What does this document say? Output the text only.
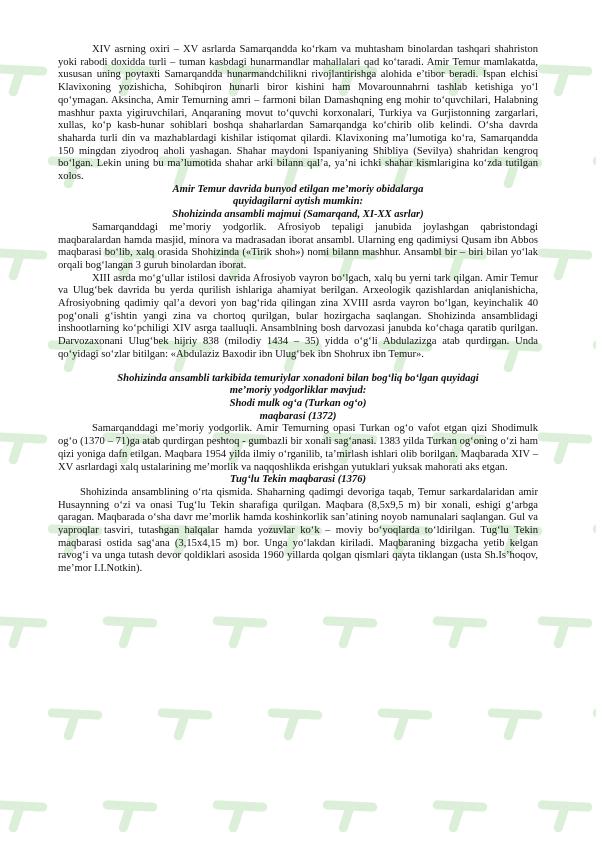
XIV asrning oxiri – XV asrlarda Samarqandda ko‘rkam va muhtasham binolardan tashqari shahriston yoki rabodi doxidda turli – tuman kasbdagi hunarmandlar mahallalari qad ko‘taradi. Amir Temur mamlakatda, xususan uning poytaxti Samarqandda hunarmandchilikni rivojlantirishga alohida e’tibor beradi. Ispan elchisi Klavixoning yozishicha, Sohibqiron hunarli biror kishini ham Movarounnahrni tashlab ketishiga yo‘l qo‘ymagan. Aksincha, Amir Temurning amri – farmoni bilan Damashqning eng mohir to‘quvchilari, Halabning mashhur paxta yigiruvchilari, Anqaraning movut to‘quvchi korxonalari, Turkiya va Gurjistonning zargarlari, xullas, ko‘p kasb-hunar sohiblari boshqa shaharlardan Samarqandga ko‘chirib olib kelindi. O‘sha davrda shaharda turli din va mazhablardagi kishilar istiqomat qilardi. Klavixoning ma’lumotiga ko‘ra, Samarqandda 150 mingdan ziyodroq aholi yashagan. Shahar maydoni Ispaniyaning Shibliya (Sevilya) shahridan kengroq bo‘lgan. Lekin uning bu ma’lumotida shahar arki bilann qal’a, ya’ni ichki shahar kismlarigina ko‘zda tutilgan xolos.

Amir Temur davrida bunyod etilgan me’moriy obidalarga

quyidagilarni aytish mumkin:

Shohizinda ansambli majmui (Samarqand, XI-XX asrlar)

Samarqanddagi me’moriy yodgorlik. Afrosiyob tepaligi janubida joylashgan qabristondagi maqbaralardan hamda masjid, minora va madrasadan iborat ansambl. Ularning eng qadimiysi Qusam ibn Abbos maqbarasi bo‘lib, xalq orasida Shohizinda («Tirik shoh») nomi bilann mashhur. Ansambl bir – biri bilan yo‘lak orqali bog‘langan 3 guruh binolardan iborat.

XIII asrda mo‘g‘ullar istilosi davrida Afrosiyob vayron bo‘lgach, xalq bu yerni tark qilgan. Amir Temur va Ulug‘bek davrida bu yerda qurilish ishlariga ahamiyat berilgan. Arxeologik qazishlardan aniqlanishicha, Afrosiyobning qadimiy qal’a devori yon bag‘rida qilingan zina XVIII asrda vayron bo‘lgan, keyinchalik 40 pog‘onali g‘ishtin yangi zina va chortoq qurilgan, bular hozirgacha saqlangan. Shohizinda ansamblidagi inshootlarning ko‘pchiligi XIV asrga taalluqli. Ansamblning bosh darvozasi janubda ko‘chaga qaratib qurilgan. Darvozaxonani Ulug‘bek hijriy 838 (milodiy 1434 – 35) yidda o‘g‘li Abdulazizga atab qurdirgan. Unda qo‘yidagi so‘zlar bitilgan: «Abdulaziz Baxodir ibn Ulug‘bek ibn Shohrux ibn Temur».

Shohizinda ansambli tarkibida temuriylar xonadoni bilan bog‘liq bo‘lgan quyidagi

me’moriy yodgorliklar mavjud:

Shodi mulk og‘a (Turkan og‘o)

maqbarasi (1372)

Samarqanddagi me’moriy yodgorlik. Amir Temurning opasi Turkan og‘o vafot etgan qizi Shodimulk og‘o (1370 – 71)ga atab qurdirgan peshtoq - gumbazli bir xonali sag‘anasi. 1383 yilda Turkan og‘oning o‘zi ham qizi yoniga dafn etilgan. Maqbara 1954 yilda ilmiy o‘rganilib, ta’mirlash ishlari olib borilgan. Maqbarada XIV – XV asrlardagi xalq ustalarining me’morlik va naqqoshlikda erishgan yutuklari yuksak mahorati aks etgan.

Tug‘lu Tekin maqbarasi (1376)

Shohizinda ansamblining o‘rta qismida. Shaharning qadimgi devoriga taqab, Temur sarkardalaridan amir Husaynning o‘zi va onasi Tug‘lu Tekin sharafiga qurilgan. Maqbara (8,5x9,5 m) bir xonali, eshigi g‘arbga qaragan. Maqbarada o‘sha davr me’morlik hamda koshinkorlik san’atining noyob namunalari saqlangan. Gul va yaproqlar tasviri, tutashgan halqalar hamda yozuvlar ko‘k – moviy bo‘yoqlarda to‘ldirilgan. Tug‘lu Tekin maqbarasi ostida sag‘ana (3,15x4,15 m) bor. Unga yo‘lakdan kiriladi. Maqbaraning bizgacha yetib kelgan ravog‘i va unga tutash devor qoldiklari asosida 1960 yillarda qolgan qismlari qayta tiklangan (usta Sh.Is’hoqov, me’mor I.I.Notkin).
